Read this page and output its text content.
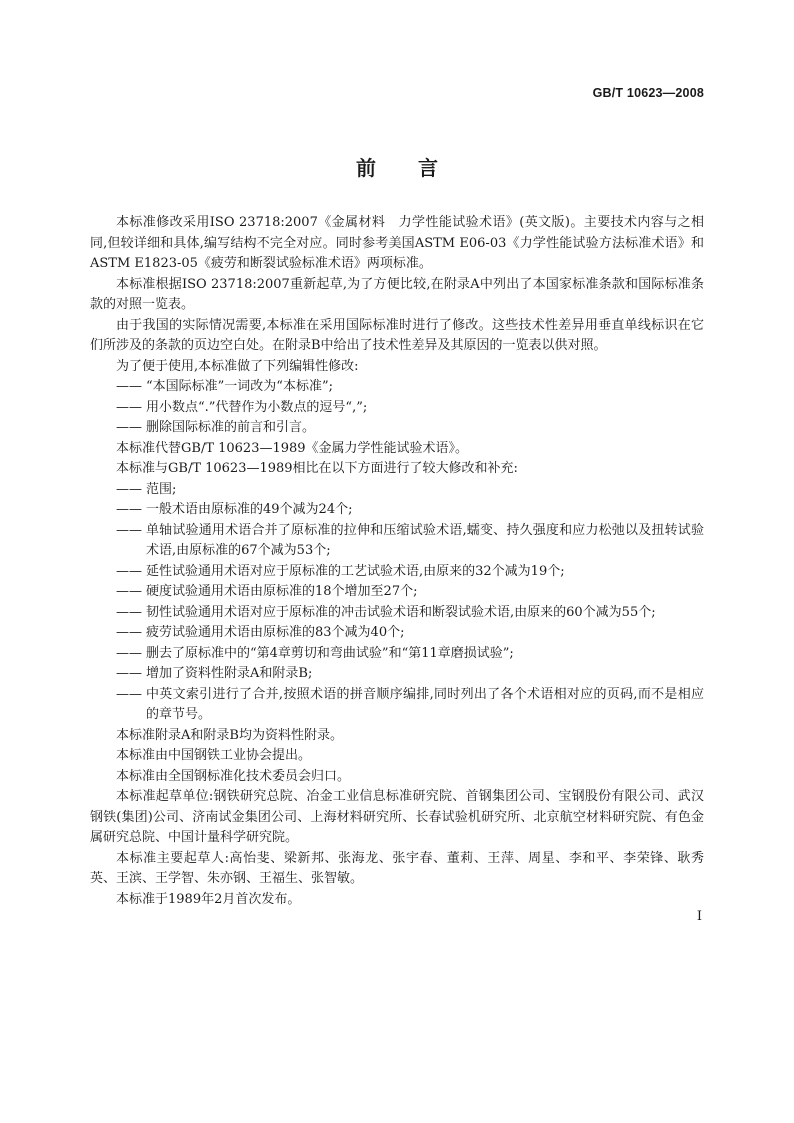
GB/T 10623—2008
前言

本标准修改采用ISO 23718:2007《金属材料　力学性能试验术语》(英文版)。主要技术内容与之相同,但较详细和具体,编写结构不完全对应。同时参考美国ASTM E06-03《力学性能试验方法标准术语》和ASTM E1823-05《疲劳和断裂试验标准术语》两项标准。

本标准根据ISO 23718:2007重新起草,为了方便比较,在附录A中列出了本国家标准条款和国际标准条款的对照一览表。

由于我国的实际情况需要,本标准在采用国际标准时进行了修改。这些技术性差异用垂直单线标识在它们所涉及的条款的页边空白处。在附录B中给出了技术性差异及其原因的一览表以供对照。

为了便于使用,本标准做了下列编辑性修改:

—— “本国际标准”一词改为“本标准”;

—— 用小数点“.”代替作为小数点的逗号“,”;

—— 删除国际标准的前言和引言。

本标准代替GB/T 10623—1989《金属力学性能试验术语》。

本标准与GB/T 10623—1989相比在以下方面进行了较大修改和补充:

—— 范围;

—— 一般术语由原标准的49个减为24个;

—— 单轴试验通用术语合并了原标准的拉伸和压缩试验术语,蠕变、持久强度和应力松弛以及扭转试验术语,由原标准的67个减为53个;

—— 延性试验通用术语对应于原标准的工艺试验术语,由原来的32个减为19个;

—— 硬度试验通用术语由原标准的18个增加至27个;

—— 韧性试验通用术语对应于原标准的冲击试验术语和断裂试验术语,由原来的60个减为55个;

—— 疲劳试验通用术语由原标准的83个减为40个;

—— 删去了原标准中的“第4章剪切和弯曲试验”和“第11章磨损试验”;

—— 增加了资料性附录A和附录B;

—— 中英文索引进行了合并,按照术语的拼音顺序编排,同时列出了各个术语相对应的页码,而不是相应的章节号。

本标准附录A和附录B均为资料性附录。

本标准由中国钢铁工业协会提出。

本标准由全国钢标准化技术委员会归口。

本标准起草单位:钢铁研究总院、冶金工业信息标准研究院、首钢集团公司、宝钢股份有限公司、武汉钢铁(集团)公司、济南试金集团公司、上海材料研究所、长春试验机研究所、北京航空材料研究院、有色金属研究总院、中国计量科学研究院。

本标准主要起草人:高怡斐、梁新邦、张海龙、张宇春、董莉、王萍、周星、李和平、李荣锋、耿秀英、王滨、王学智、朱亦钢、王福生、张智敏。

本标准于1989年2月首次发布。

I
